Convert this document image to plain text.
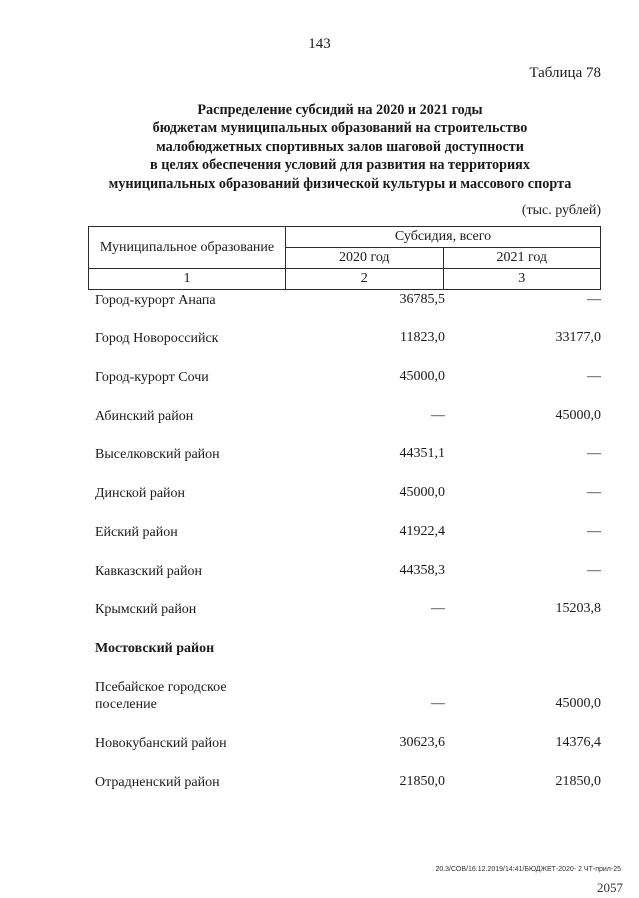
143
Таблица 78
Распределение субсидий на 2020 и 2021 годы
бюджетам муниципальных образований на строительство
малобюджетных спортивных залов шаговой доступности
в целях обеспечения условий для развития на территориях
муниципальных образований физической культуры и массового спорта
(тыс. рублей)
Муниципальное образование	Субсидия, всего	
	2020 год	2021 год
1	2	3
Город-курорт Анапа	36785,5	—
Город Новороссийск	11823,0	33177,0
Город-курорт Сочи	45000,0	—
Абинский район	—	45000,0
Выселковский район	44351,1	—
Динской район	45000,0	—
Ейский район	41922,4	—
Кавказский район	44358,3	—
Крымский район	—	15203,8
Мостовский район
Псебайское городское
поселение	—	45000,0
Новокубанский район	30623,6	14376,4
Отрадненский район	21850,0	21850,0
20.3/СОВ/16.12.2019/14:41/БЮДЖЕТ-2020- 2 ЧТ-прил-25
2057
